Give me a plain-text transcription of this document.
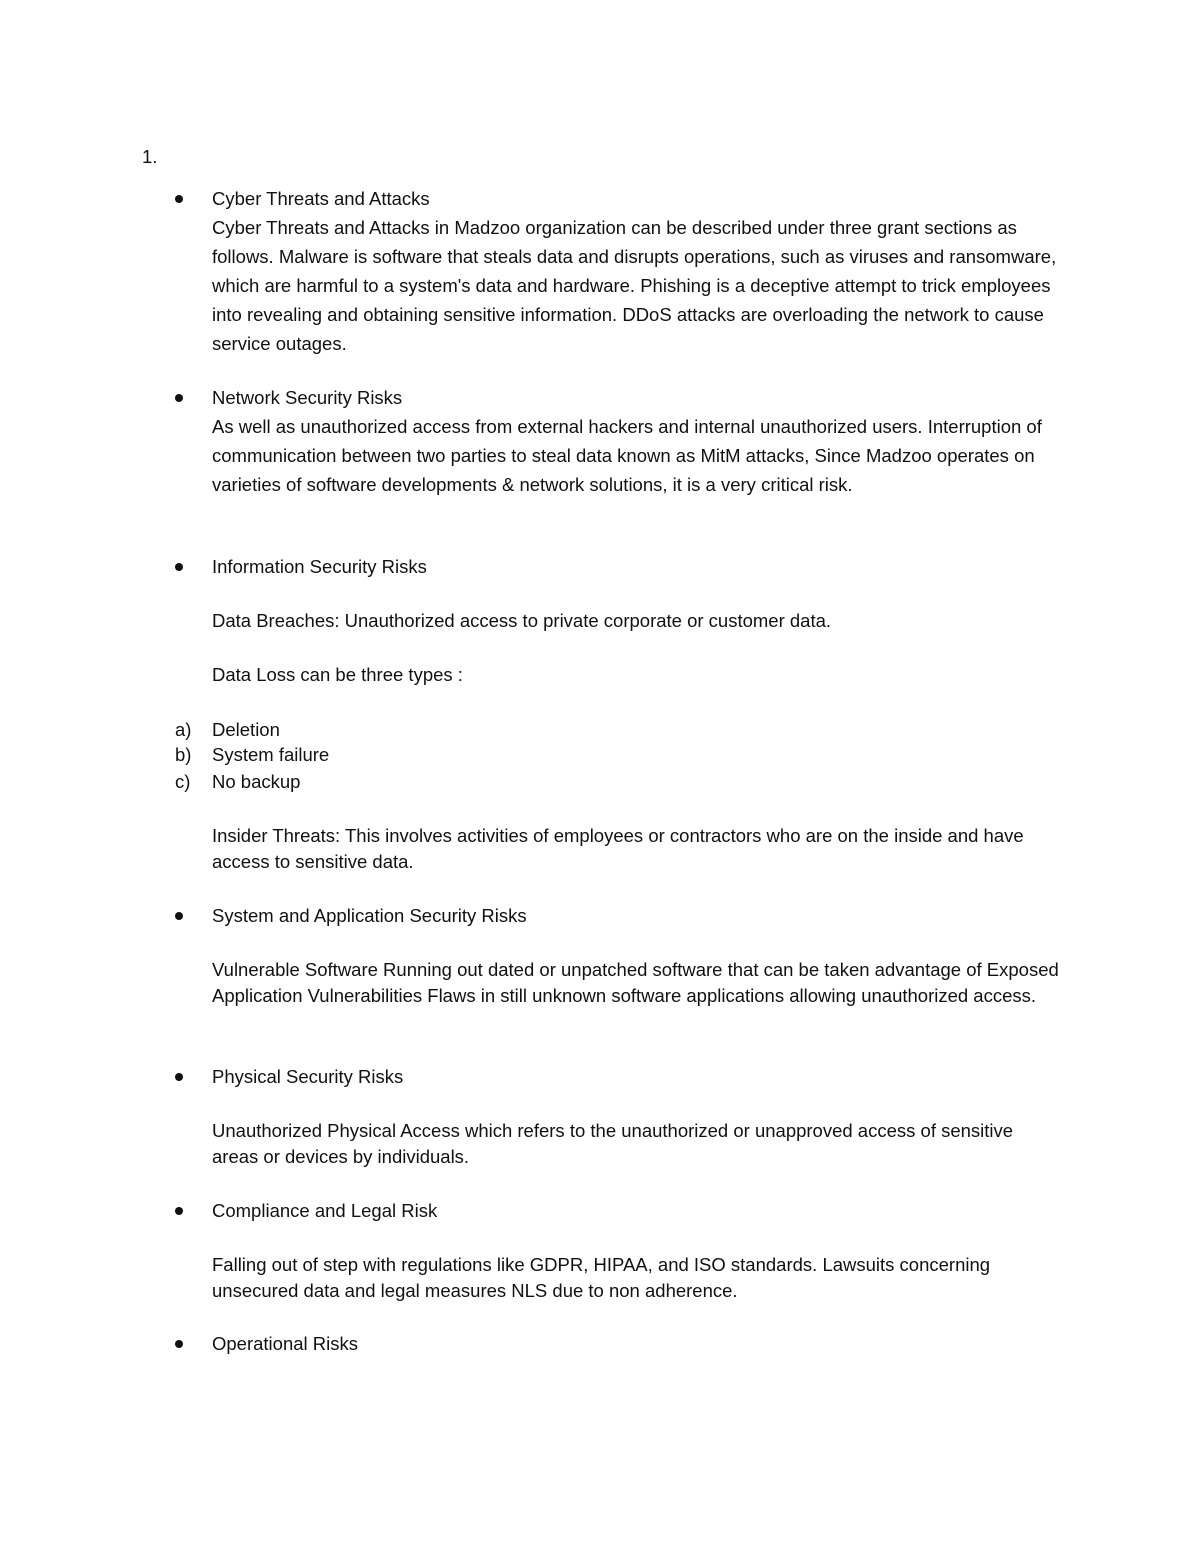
1.
Cyber Threats and Attacks
Cyber Threats and Attacks in Madzoo organization can be described under three grant sections as follows. Malware is software that steals data and disrupts operations, such as viruses and ransomware, which are harmful to a system's data and hardware. Phishing is a deceptive attempt to trick employees into revealing and obtaining sensitive information. DDoS attacks are overloading the network to cause service outages.
Network Security Risks
As well as unauthorized access from external hackers and internal unauthorized users. Interruption of communication between two parties to steal data known as MitM attacks, Since Madzoo operates on varieties of software developments & network solutions, it is a very critical risk.
Information Security Risks
Data Breaches: Unauthorized access to private corporate or customer data.
Data Loss can be three types :
a) Deletion
b) System failure
c) No backup
Insider Threats: This involves activities of employees or contractors who are on the inside and have access to sensitive data.
System and Application Security Risks
Vulnerable Software Running out dated or unpatched software that can be taken advantage of Exposed Application Vulnerabilities Flaws in still unknown software applications allowing unauthorized access.
Physical Security Risks
Unauthorized Physical Access which refers to the unauthorized or unapproved access of sensitive areas or devices by individuals.
Compliance and Legal Risk
Falling out of step with regulations like GDPR, HIPAA, and ISO standards. Lawsuits concerning unsecured data and legal measures NLS due to non adherence.
Operational Risks
